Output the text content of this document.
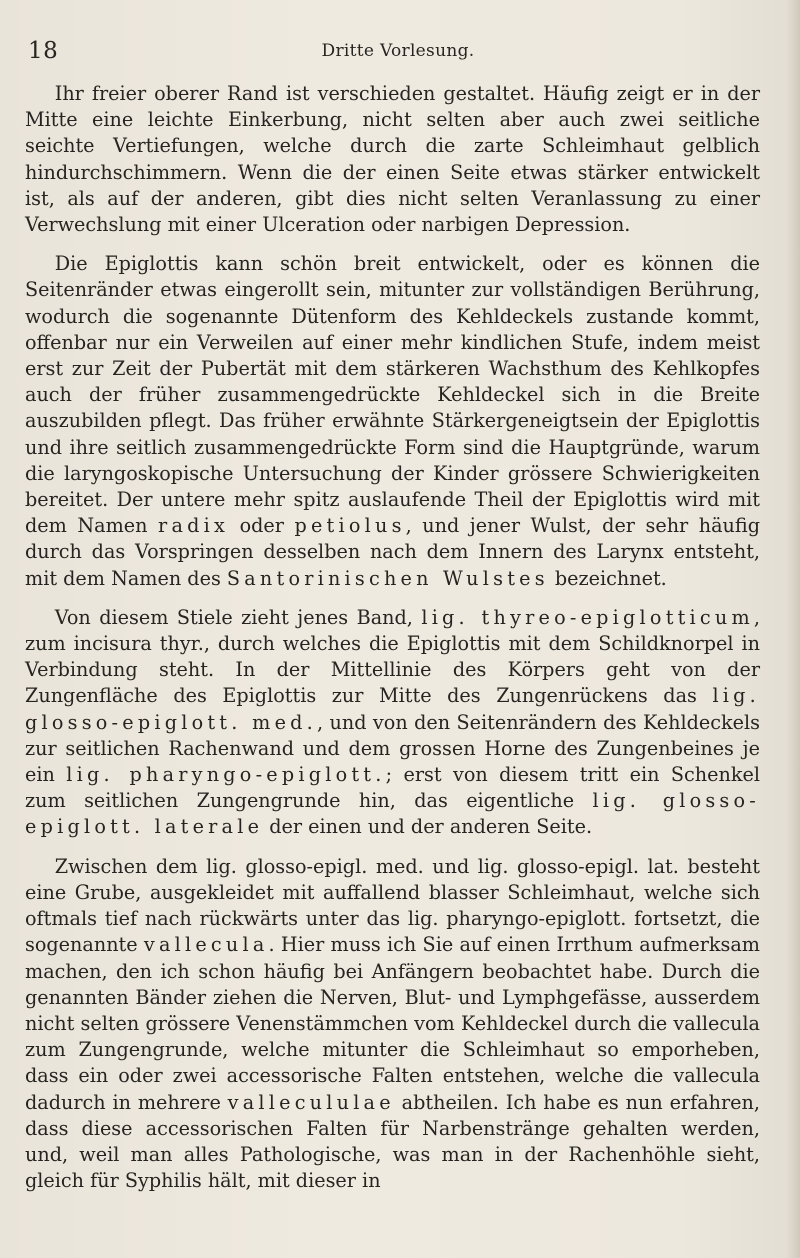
18	Dritte Vorlesung.

Ihr freier oberer Rand ist verschieden gestaltet. Häufig zeigt er in der Mitte eine leichte Einkerbung, nicht selten aber auch zwei seitliche seichte Vertiefungen, welche durch die zarte Schleimhaut gelblich hindurchschimmern. Wenn die der einen Seite etwas stärker entwickelt ist, als auf der anderen, gibt dies nicht selten Veranlassung zu einer Verwechslung mit einer Ulceration oder narbigen Depression.

Die Epiglottis kann schön breit entwickelt, oder es können die Seitenränder etwas eingerollt sein, mitunter zur vollständigen Berührung, wodurch die sogenannte Dütenform des Kehldeckels zustande kommt, offenbar nur ein Verweilen auf einer mehr kindlichen Stufe, indem meist erst zur Zeit der Pubertät mit dem stärkeren Wachsthum des Kehlkopfes auch der früher zusammengedrückte Kehldeckel sich in die Breite auszubilden pflegt. Das früher erwähnte Stärkergeneigtsein der Epiglottis und ihre seitlich zusammengedrückte Form sind die Hauptgründe, warum die laryngoskopische Untersuchung der Kinder grössere Schwierigkeiten bereitet. Der untere mehr spitz auslaufende Theil der Epiglottis wird mit dem Namen radix oder petiolus, und jener Wulst, der sehr häufig durch das Vorspringen desselben nach dem Innern des Larynx entsteht, mit dem Namen des Santorinischen Wulstes bezeichnet.

Von diesem Stiele zieht jenes Band, lig. thyreo-epiglotticum, zum incisura thyr., durch welches die Epiglottis mit dem Schildknorpel in Verbindung steht. In der Mittellinie des Körpers geht von der Zungenfläche des Epiglottis zur Mitte des Zungenrückens das lig. glosso-epiglott. med., und von den Seitenrändern des Kehldeckels zur seitlichen Rachenwand und dem grossen Horne des Zungenbeines je ein lig. pharyngo-epiglott.; erst von diesem tritt ein Schenkel zum seitlichen Zungengrunde hin, das eigentliche lig. glosso-epiglott. laterale der einen und der anderen Seite.

Zwischen dem lig. glosso-epigl. med. und lig. glosso-epigl. lat. besteht eine Grube, ausgekleidet mit auffallend blasser Schleimhaut, welche sich oftmals tief nach rückwärts unter das lig. pharyngo-epiglott. fortsetzt, die sogenannte vallecula. Hier muss ich Sie auf einen Irrthum aufmerksam machen, den ich schon häufig bei Anfängern beobachtet habe. Durch die genannten Bänder ziehen die Nerven, Blut- und Lymphgefässe, ausserdem nicht selten grössere Venenstämmchen vom Kehldeckel durch die vallecula zum Zungengrunde, welche mitunter die Schleimhaut so emporheben, dass ein oder zwei accessorische Falten entstehen, welche die vallecula dadurch in mehrere vallecululae abtheilen. Ich habe es nun erfahren, dass diese accessorischen Falten für Narbenstränge gehalten werden, und, weil man alles Pathologische, was man in der Rachenhöhle sieht, gleich für Syphilis hält, mit dieser in
